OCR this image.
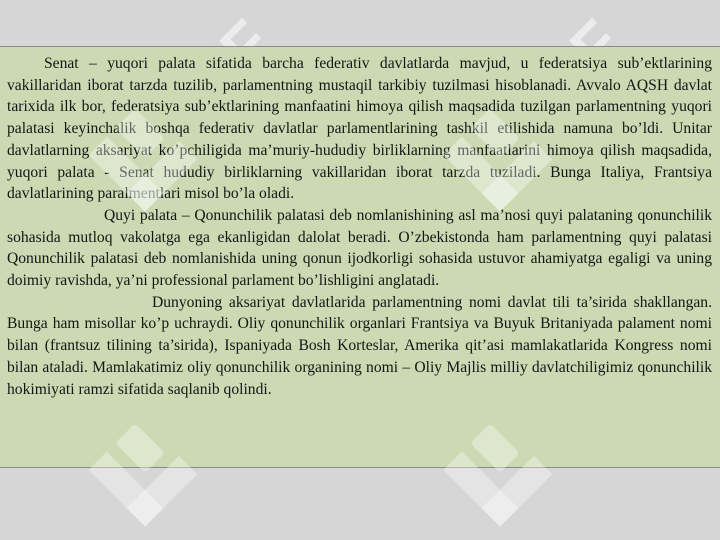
Senat – yuqori palata sifatida barcha federativ davlatlarda mavjud, u federatsiya sub’ektlarining vakillaridan iborat tarzda tuzilib, parlamentning mustaqil tarkibiy tuzilmasi hisoblanadi. Avvalo AQSH davlat tarixida ilk bor, federatsiya sub’ektlarining manfaatini himoya qilish maqsadida tuzilgan parlamentning yuqori palatasi keyinchalik boshqa federativ davlatlar parlamentlarining tashkil etilishida namuna bo’ldi. Unitar davlatlarning aksariyat ko’pchiligida ma’muriy-hududiy birliklarning manfaatlarini himoya qilish maqsadida, yuqori palata - Senat hududiy birliklarning vakillaridan iborat tarzda tuziladi. Bunga Italiya, Frantsiya davlatlarining paralmentlari misol bo’la oladi.

Quyi palata – Qonunchilik palatasi deb nomlanishining asl ma’nosi quyi palataning qonunchilik sohasida mutloq vakolatga ega ekanligidan dalolat beradi. O’zbekistonda ham parlamentning quyi palatasi Qonunchilik palatasi deb nomlanishida uning qonun ijodkorligi sohasida ustuvor ahamiyatga egaligi va uning doimiy ravishda, ya’ni professional parlament bo’lishligini anglatadi.

Dunyoning aksariyat davlatlarida parlamentning nomi davlat tili ta’sirida shakllangan. Bunga ham misollar ko’p uchraydi. Oliy qonunchilik organlari Frantsiya va Buyuk Britaniyada palament nomi bilan (frantsuz tilining ta’sirida), Ispaniyada Bosh Korteslar, Amerika qit’asi mamlakatlarida Kongress nomi bilan ataladi. Mamlakatimiz oliy qonunchilik organining nomi – Oliy Majlis milliy davlatchiligimiz qonunchilik hokimiyati ramzi sifatida saqlanib qolindi.
